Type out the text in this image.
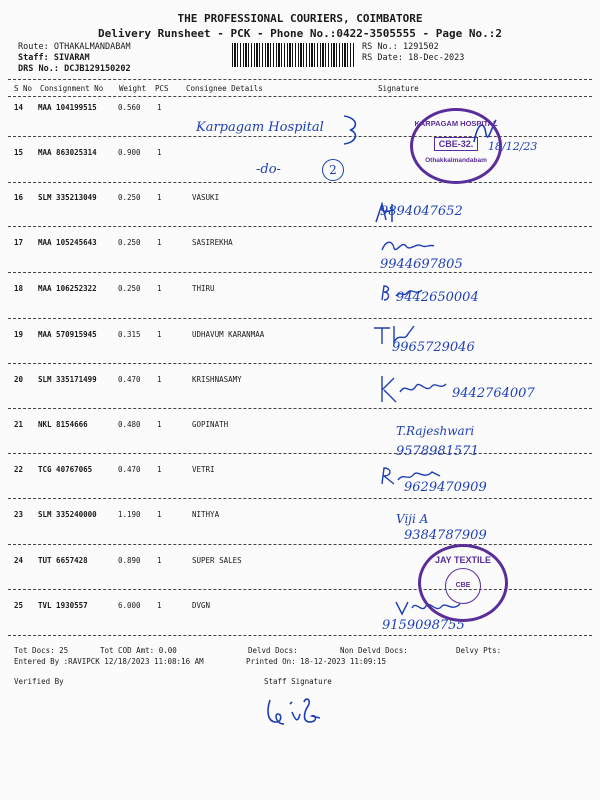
THE PROFESSIONAL COURIERS, COIMBATORE
Delivery Runsheet - PCK - Phone No.:0422-3505555 - Page No.:2
Route: OTHAKALMANDABAM
Staff: SIVARAM
DRS No.: DCJB129150202
RS No.: 1291502
RS Date: 18-Dec-2023
S No Consignment No Weight PCS Consignee Details	Signature
14 MAA 104199515	0.560 1
15 MAA 863025314	0.900 1
16 SLM 335213049	0.250 1	VASUKI
17 MAA 105245643	0.250 1	SASIREKHA
18 MAA 106252322	0.250 1	THIRU
19 MAA 570915945	0.315 1	UDHAVUM KARANMAA
20 SLM 335171499	0.470 1	KRISHNASAMY
21 NKL 8154666	0.480 1	GOPINATH
22 TCG 40767065	0.470 1	VETRI
23 SLM 335240000	1.190 1	NITHYA
24 TUT 6657428	0.890 1	SUPER SALES
25 TVL 1930557	6.000 1	DVGN
Karpagam Hospital
-do-	2
18/12/23
KARPAGAM HOSPITAL
CBE-32.
Othakkalmandabam
9894047652
9944697805
9442650004
9965729046
9442764007
T.Rajeshwari
9578981571
9629470909
Viji A
9384787909
9159098755
JAY TEXTILE
CBE
Tot Docs: 25	Tot COD Amt: 0.00	Delvd Docs:	Non Delvd Docs:	Delvy Pts:
Entered By :RAVIPCK 12/18/2023 11:08:16 AM	Printed On: 18-12-2023 11:09:15
Verified By	Staff Signature
